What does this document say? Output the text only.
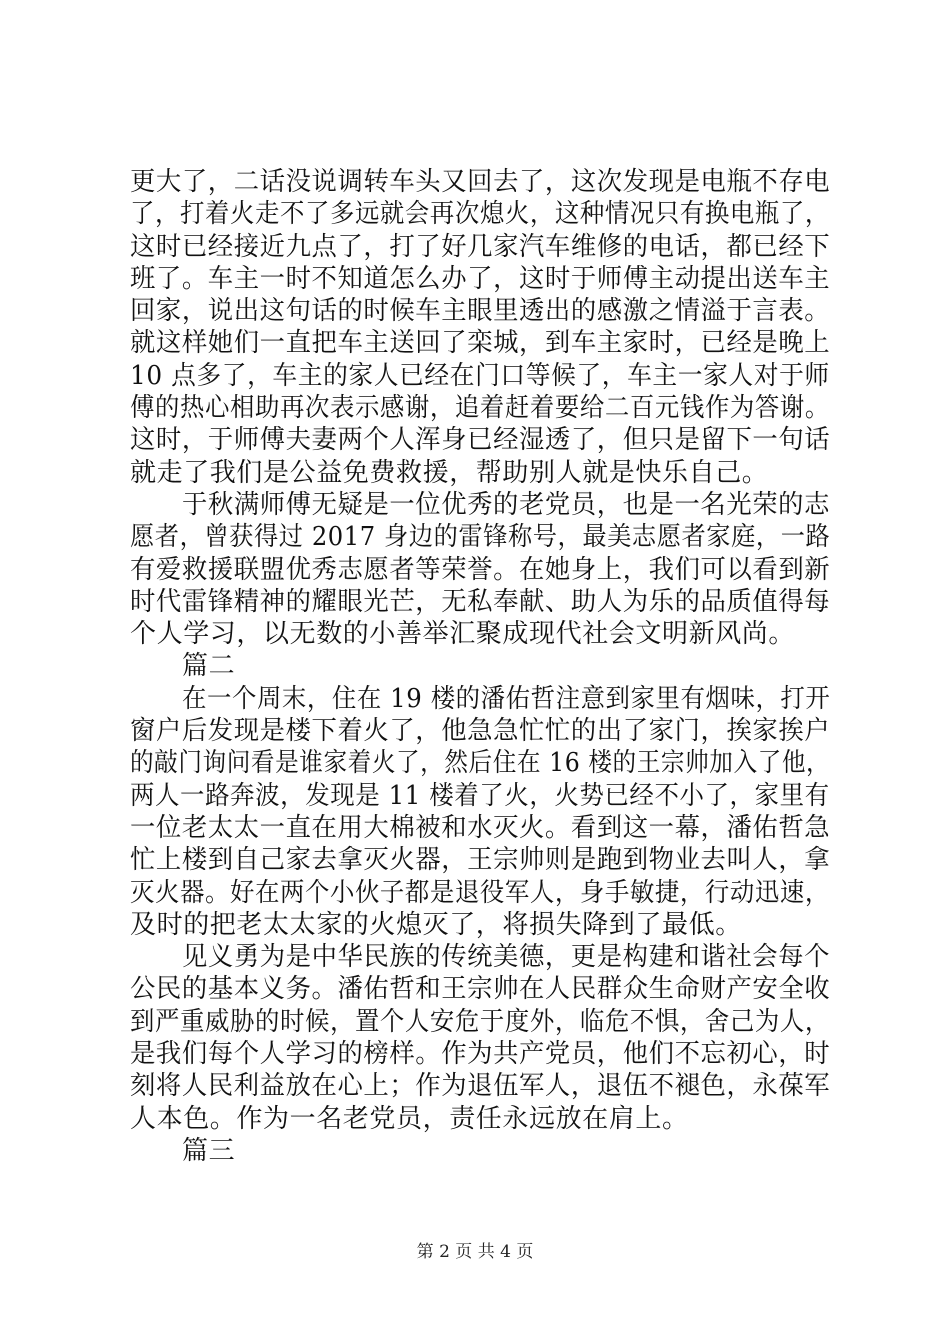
更大了，二话没说调转车头又回去了，这次发现是电瓶不存电
了，打着火走不了多远就会再次熄火，这种情况只有换电瓶了，
这时已经接近九点了，打了好几家汽车维修的电话，都已经下
班了。车主一时不知道怎么办了，这时于师傅主动提出送车主
回家，说出这句话的时候车主眼里透出的感激之情溢于言表。
就这样她们一直把车主送回了栾城，到车主家时，已经是晚上
10 点多了，车主的家人已经在门口等候了，车主一家人对于师
傅的热心相助再次表示感谢，追着赶着要给二百元钱作为答谢。
这时，于师傅夫妻两个人浑身已经湿透了，但只是留下一句话
就走了我们是公益免费救援，帮助别人就是快乐自己。
于秋满师傅无疑是一位优秀的老党员，也是一名光荣的志
愿者，曾获得过 2017 身边的雷锋称号，最美志愿者家庭，一路
有爱救援联盟优秀志愿者等荣誉。在她身上，我们可以看到新
时代雷锋精神的耀眼光芒，无私奉献、助人为乐的品质值得每
个人学习，以无数的小善举汇聚成现代社会文明新风尚。
篇二
在一个周末，住在 19 楼的潘佑哲注意到家里有烟味，打开
窗户后发现是楼下着火了，他急急忙忙的出了家门，挨家挨户
的敲门询问看是谁家着火了，然后住在 16 楼的王宗帅加入了他，
两人一路奔波，发现是 11 楼着了火，火势已经不小了，家里有
一位老太太一直在用大棉被和水灭火。看到这一幕，潘佑哲急
忙上楼到自己家去拿灭火器，王宗帅则是跑到物业去叫人，拿
灭火器。好在两个小伙子都是退役军人，身手敏捷，行动迅速，
及时的把老太太家的火熄灭了，将损失降到了最低。
见义勇为是中华民族的传统美德，更是构建和谐社会每个
公民的基本义务。潘佑哲和王宗帅在人民群众生命财产安全收
到严重威胁的时候，置个人安危于度外，临危不惧，舍己为人，
是我们每个人学习的榜样。作为共产党员，他们不忘初心，时
刻将人民利益放在心上；作为退伍军人，退伍不褪色，永葆军
人本色。作为一名老党员，责任永远放在肩上。
篇三
第 2 页 共 4 页
